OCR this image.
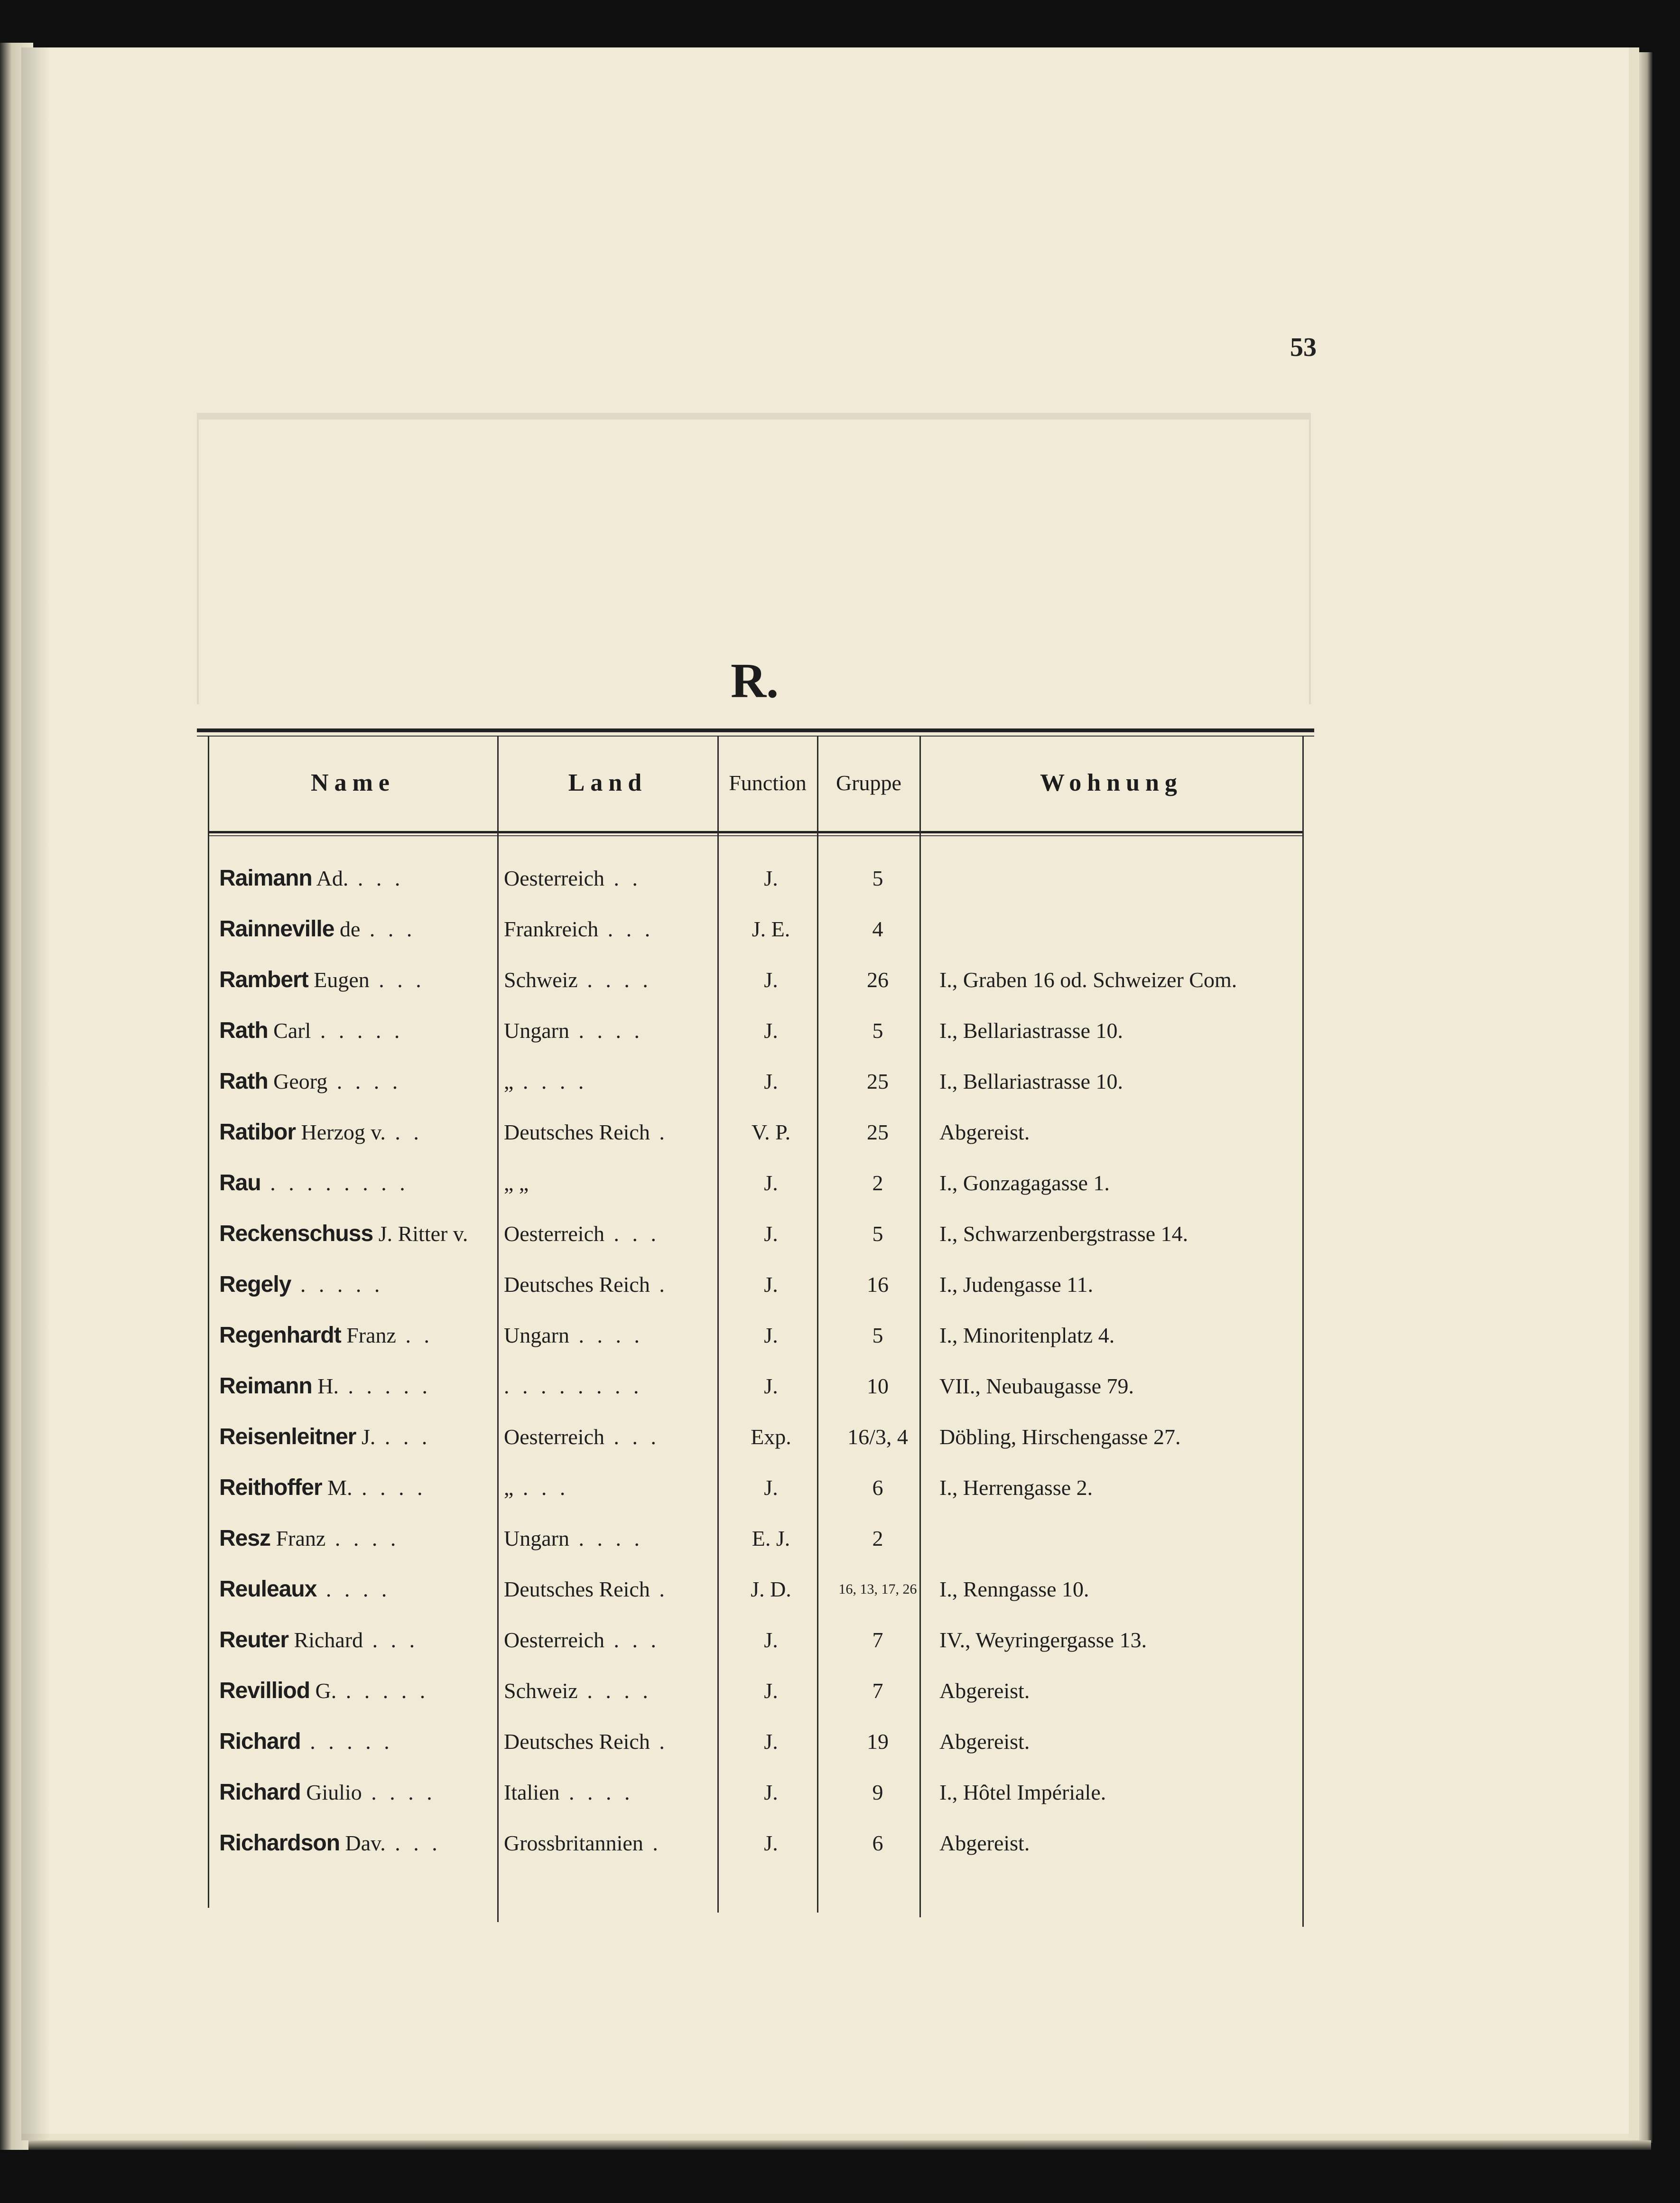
53
R.
Name	Land	Function	Gruppe	Wohnung
Raimann Ad. . . .	Oesterreich . .	J.	5
Rainneville de . . .	Frankreich . . .	J. E.	4
Rambert Eugen . . .	Schweiz . . . .	J.	26	I., Graben 16 od. Schweizer Com.
Rath Carl . . . . .	Ungarn . . . .	J.	5	I., Bellariastrasse 10.
Rath Georg . . . .	„ . . . .	J.	25	I., Bellariastrasse 10.
Ratibor Herzog v. . .	Deutsches Reich .	V. P.	25	Abgereist.
Rau . . . . . . . .	„ „	J.	2	I., Gonzagagasse 1.
Reckenschuss J. Ritter v.	Oesterreich . . .	J.	5	I., Schwarzenbergstrasse 14.
Regely . . . . .	Deutsches Reich .	J.	16	I., Judengasse 11.
Regenhardt Franz . .	Ungarn . . . .	J.	5	I., Minoritenplatz 4.
Reimann H. . . . . .	. . . . . . . .	J.	10	VII., Neubaugasse 79.
Reisenleitner J. . . .	Oesterreich . . .	Exp.	16/3, 4	Döbling, Hirschengasse 27.
Reithoffer M. . . . .	„ . . .	J.	6	I., Herrengasse 2.
Resz Franz . . . .	Ungarn . . . .	E. J.	2
Reuleaux . . . .	Deutsches Reich .	J. D.	16, 13, 17, 26	I., Renngasse 10.
Reuter Richard . . .	Oesterreich . . .	J.	7	IV., Weyringergasse 13.
Revilliod G. . . . . .	Schweiz . . . .	J.	7	Abgereist.
Richard . . . . .	Deutsches Reich .	J.	19	Abgereist.
Richard Giulio . . . .	Italien . . . .	J.	9	I., Hôtel Impériale.
Richardson Dav. . . .	Grossbritannien .	J.	6	Abgereist.
